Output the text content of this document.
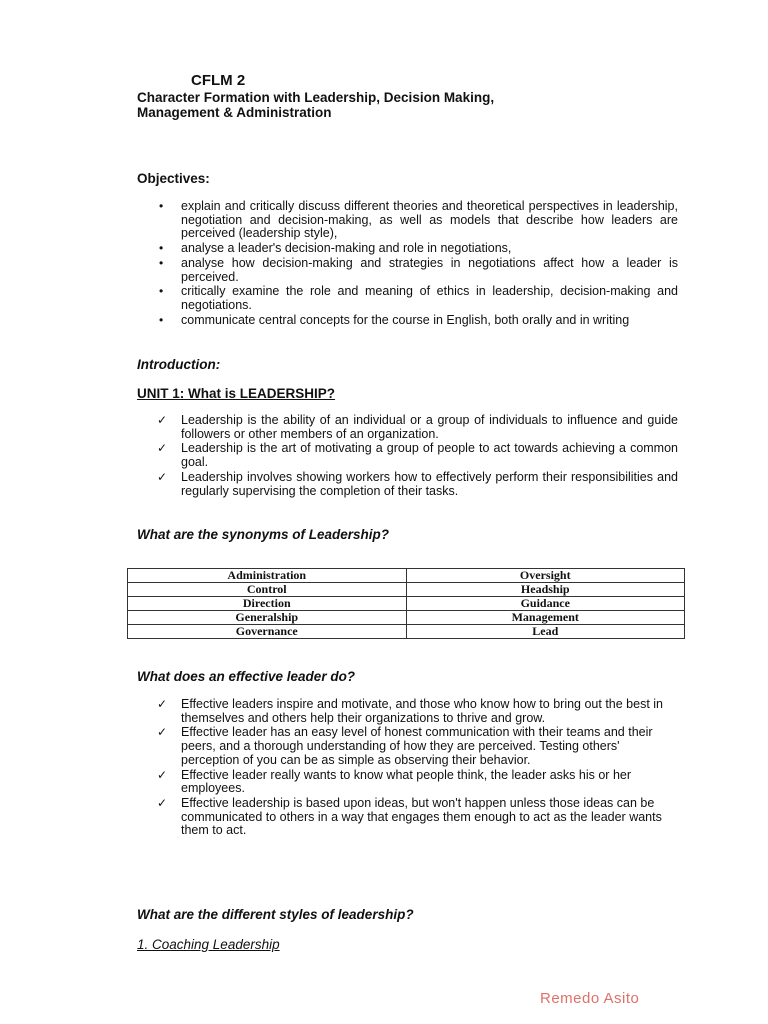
CFLM 2
Character Formation with Leadership, Decision Making,
Management & Administration
Objectives:
• explain and critically discuss different theories and theoretical perspectives in leadership, negotiation and decision-making, as well as models that describe how leaders are perceived (leadership style),
• analyse a leader's decision-making and role in negotiations,
• analyse how decision-making and strategies in negotiations affect how a leader is perceived.
• critically examine the role and meaning of ethics in leadership, decision-making and negotiations.
• communicate central concepts for the course in English, both orally and in writing
Introduction:
UNIT 1: What is LEADERSHIP?
✓ Leadership is the ability of an individual or a group of individuals to influence and guide followers or other members of an organization.
✓ Leadership is the art of motivating a group of people to act towards achieving a common goal.
✓ Leadership involves showing workers how to effectively perform their responsibilities and regularly supervising the completion of their tasks.
What are the synonyms of Leadership?
Administration	Oversight
Control	Headship
Direction	Guidance
Generalship	Management
Governance	Lead
What does an effective leader do?
✓ Effective leaders inspire and motivate, and those who know how to bring out the best in themselves and others help their organizations to thrive and grow.
✓ Effective leader has an easy level of honest communication with their teams and their peers, and a thorough understanding of how they are perceived. Testing others' perception of you can be as simple as observing their behavior.
✓ Effective leader really wants to know what people think, the leader asks his or her employees.
✓ Effective leadership is based upon ideas, but won't happen unless those ideas can be communicated to others in a way that engages them enough to act as the leader wants them to act.
What are the different styles of leadership?
1. Coaching Leadership
Remedo Asito
